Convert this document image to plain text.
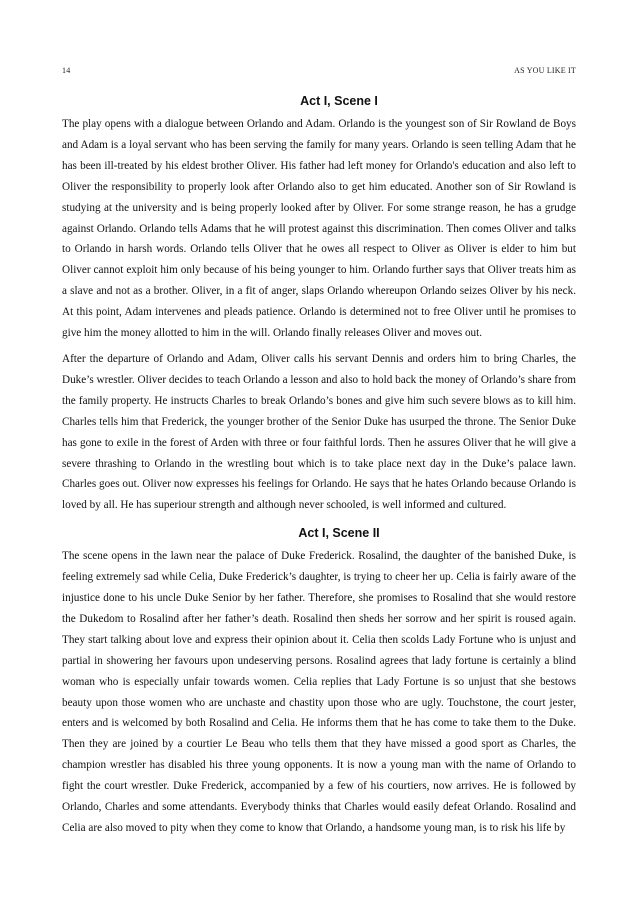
14	AS YOU LIKE IT
Act I, Scene I

The play opens with a dialogue between Orlando and Adam. Orlando is the youngest son of Sir Rowland de Boys and Adam is a loyal servant who has been serving the family for many years. Orlando is seen telling Adam that he has been ill-treated by his eldest brother Oliver. His father had left money for Orlando's education and also left to Oliver the responsibility to properly look after Orlando also to get him educated. Another son of Sir Rowland is studying at the university and is being properly looked after by Oliver. For some strange reason, he has a grudge against Orlando. Orlando tells Adams that he will protest against this discrimination. Then comes Oliver and talks to Orlando in harsh words. Orlando tells Oliver that he owes all respect to Oliver as Oliver is elder to him but Oliver cannot exploit him only because of his being younger to him. Orlando further says that Oliver treats him as a slave and not as a brother. Oliver, in a fit of anger, slaps Orlando whereupon Orlando seizes Oliver by his neck. At this point, Adam intervenes and pleads patience. Orlando is determined not to free Oliver until he promises to give him the money allotted to him in the will. Orlando finally releases Oliver and moves out.

After the departure of Orlando and Adam, Oliver calls his servant Dennis and orders him to bring Charles, the Duke’s wrestler. Oliver decides to teach Orlando a lesson and also to hold back the money of Orlando’s share from the family property. He instructs Charles to break Orlando’s bones and give him such severe blows as to kill him. Charles tells him that Frederick, the younger brother of the Senior Duke has usurped the throne. The Senior Duke has gone to exile in the forest of Arden with three or four faithful lords. Then he assures Oliver that he will give a severe thrashing to Orlando in the wrestling bout which is to take place next day in the Duke’s palace lawn. Charles goes out. Oliver now expresses his feelings for Orlando. He says that he hates Orlando because Orlando is loved by all. He has superiour strength and although never schooled, is well informed and cultured.

Act I, Scene II

The scene opens in the lawn near the palace of Duke Frederick. Rosalind, the daughter of the banished Duke, is feeling extremely sad while Celia, Duke Frederick’s daughter, is trying to cheer her up. Celia is fairly aware of the injustice done to his uncle Duke Senior by her father. Therefore, she promises to Rosalind that she would restore the Dukedom to Rosalind after her father’s death. Rosalind then sheds her sorrow and her spirit is roused again. They start talking about love and express their opinion about it. Celia then scolds Lady Fortune who is unjust and partial in showering her favours upon undeserving persons. Rosalind agrees that lady fortune is certainly a blind woman who is especially unfair towards women. Celia replies that Lady Fortune is so unjust that she bestows beauty upon those women who are unchaste and chastity upon those who are ugly. Touchstone, the court jester, enters and is welcomed by both Rosalind and Celia. He informs them that he has come to take them to the Duke. Then they are joined by a courtier Le Beau who tells them that they have missed a good sport as Charles, the champion wrestler has disabled his three young opponents. It is now a young man with the name of Orlando to fight the court wrestler. Duke Frederick, accompanied by a few of his courtiers, now arrives. He is followed by Orlando, Charles and some attendants. Everybody thinks that Charles would easily defeat Orlando. Rosalind and Celia are also moved to pity when they come to know that Orlando, a handsome young man, is to risk his life by
